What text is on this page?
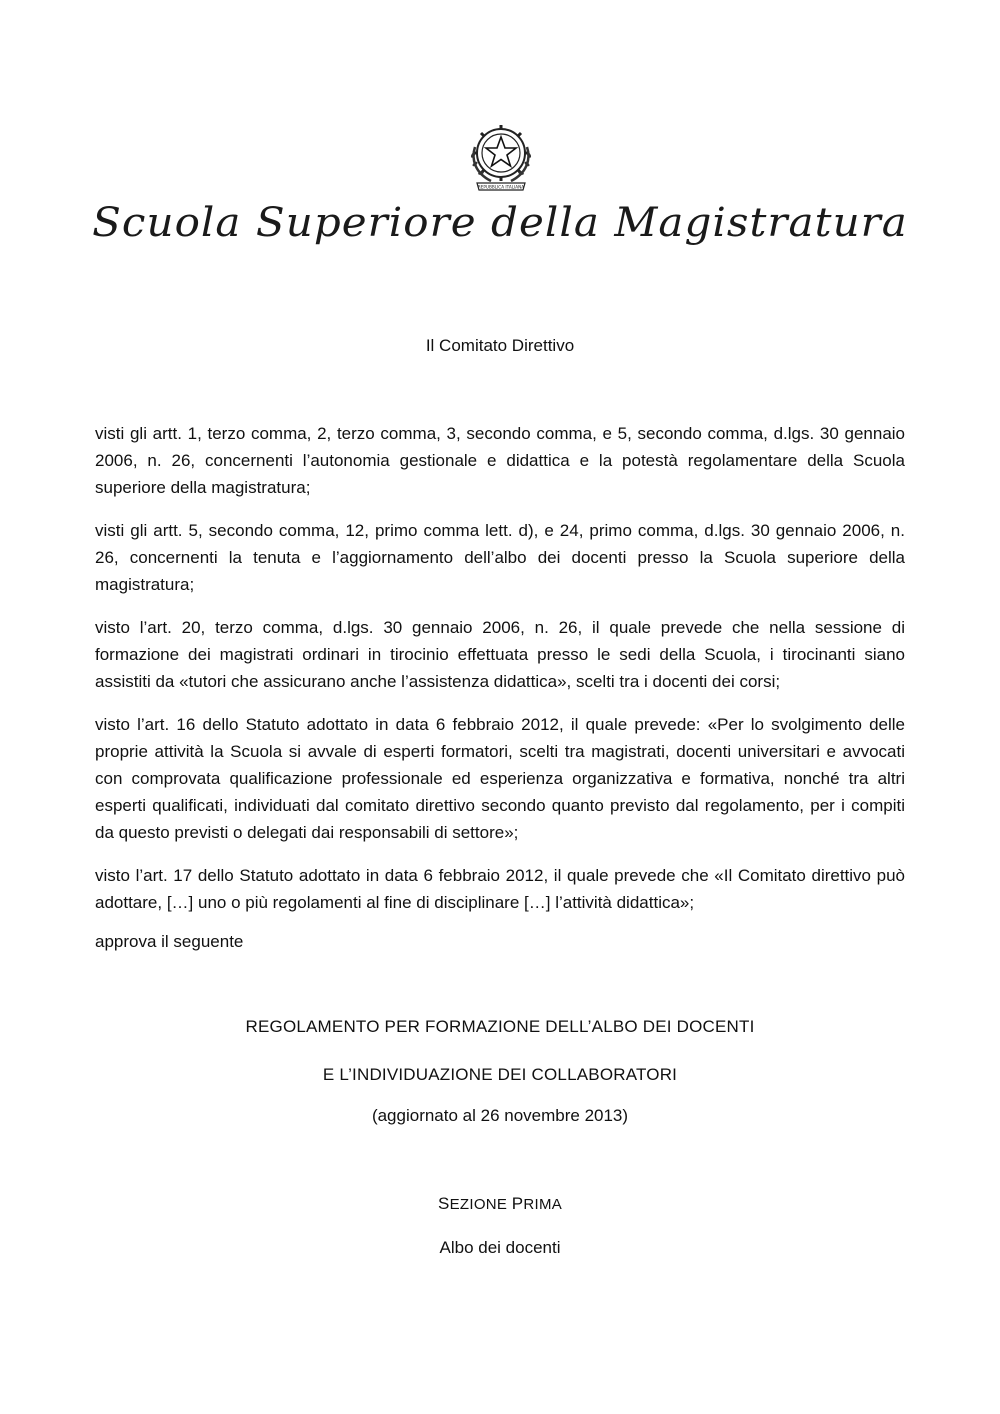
REPUBBLICA ITALIANA
Scuola Superiore della Magistratura
Il Comitato Direttivo

visti gli artt. 1, terzo comma, 2, terzo comma, 3, secondo comma, e 5, secondo comma, d.lgs. 30 gennaio 2006, n. 26, concernenti l’autonomia gestionale e didattica e la potestà regolamentare della Scuola superiore della magistratura;

visti gli artt. 5, secondo comma, 12, primo comma lett. d), e 24, primo comma, d.lgs. 30 gennaio 2006, n. 26, concernenti la tenuta e l’aggiornamento dell’albo dei docenti presso la Scuola superiore della magistratura;

visto l’art. 20, terzo comma, d.lgs. 30 gennaio 2006, n. 26, il quale prevede che nella sessione di formazione dei magistrati ordinari in tirocinio effettuata presso le sedi della Scuola, i tirocinanti siano assistiti da «tutori che assicurano anche l’assistenza didattica», scelti tra i docenti dei corsi;

visto l’art. 16 dello Statuto adottato in data 6 febbraio 2012, il quale prevede: «Per lo svolgimento delle proprie attività la Scuola si avvale di esperti formatori, scelti tra magistrati, docenti universitari e avvocati con comprovata qualificazione professionale ed esperienza organizzativa e formativa, nonché tra altri esperti qualificati, individuati dal comitato direttivo secondo quanto previsto dal regolamento, per i compiti da questo previsti o delegati dai responsabili di settore»;

visto l’art. 17 dello Statuto adottato in data 6 febbraio 2012, il quale prevede che «Il Comitato direttivo può adottare, […] uno o più regolamenti al fine di disciplinare […] l’attività didattica»;

approva il seguente
REGOLAMENTO PER FORMAZIONE DELL’ALBO DEI DOCENTI
E L’INDIVIDUAZIONE DEI COLLABORATORI
(aggiornato al 26 novembre 2013)
SEZIONE PRIMA
Albo dei docenti
